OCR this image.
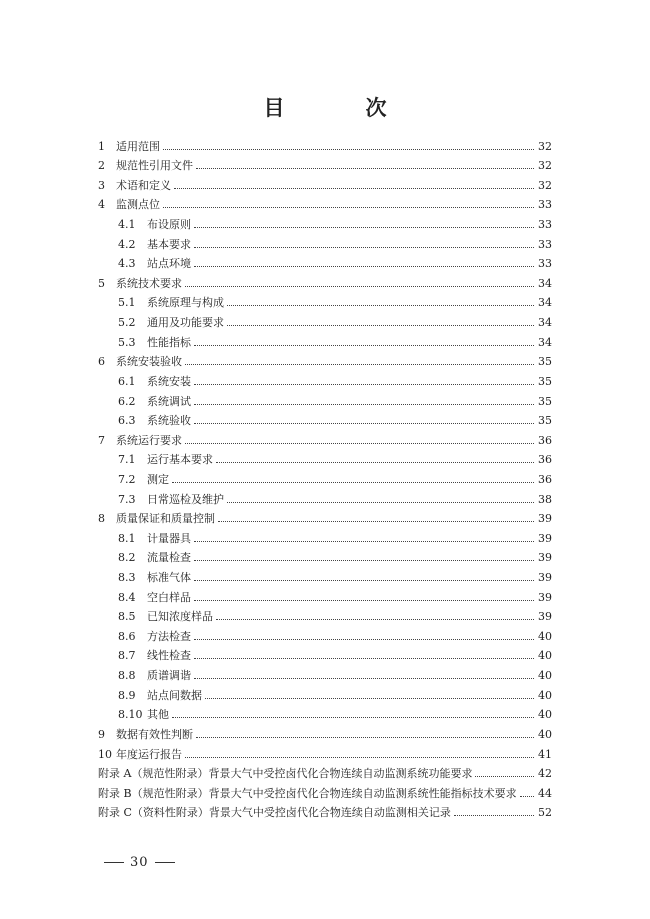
目　次
1	适用范围	32
2	规范性引用文件	32
3	术语和定义	32
4	监测点位	33
4.1	布设原则	33
4.2	基本要求	33
4.3	站点环境	33
5	系统技术要求	34
5.1	系统原理与构成	34
5.2	通用及功能要求	34
5.3	性能指标	34
6	系统安装验收	35
6.1	系统安装	35
6.2	系统调试	35
6.3	系统验收	35
7	系统运行要求	36
7.1	运行基本要求	36
7.2	测定	36
7.3	日常巡检及维护	38
8	质量保证和质量控制	39
8.1	计量器具	39
8.2	流量检查	39
8.3	标准气体	39
8.4	空白样品	39
8.5	已知浓度样品	39
8.6	方法检查	40
8.7	线性检查	40
8.8	质谱调谐	40
8.9	站点间数据	40
8.10 其他	40
9	数据有效性判断	40
10 年度运行报告	41
附录 A（规范性附录）背景大气中受控卤代化合物连续自动监测系统功能要求	42
附录 B（规范性附录）背景大气中受控卤代化合物连续自动监测系统性能指标技术要求 44
附录 C（资料性附录）背景大气中受控卤代化合物连续自动监测相关记录	52
30
